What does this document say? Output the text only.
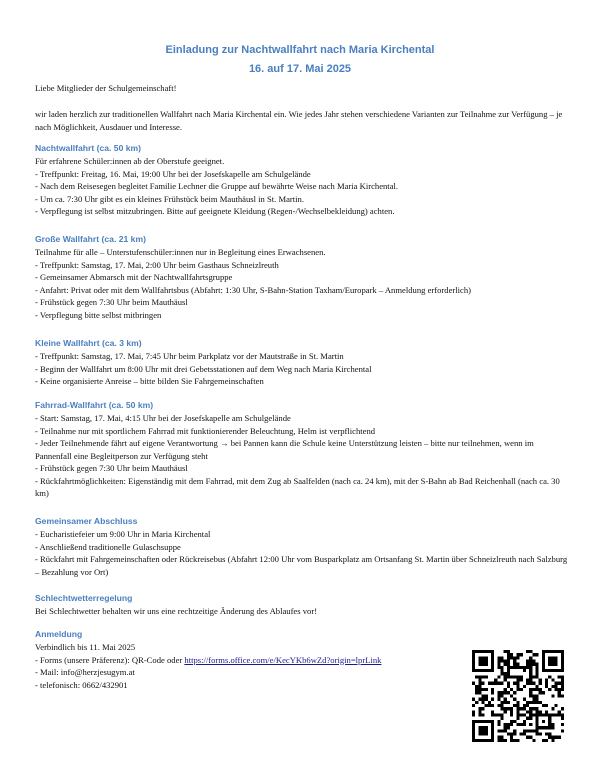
Einladung zur Nachtwallfahrt nach Maria Kirchental
16. auf 17. Mai 2025
Liebe Mitglieder der Schulgemeinschaft!
wir laden herzlich zur traditionellen Wallfahrt nach Maria Kirchental ein. Wie jedes Jahr stehen verschiedene Varianten zur Teilnahme zur Verfügung – je nach Möglichkeit, Ausdauer und Interesse.
Nachtwallfahrt (ca. 50 km)
Für erfahrene Schüler:innen ab der Oberstufe geeignet.
- Treffpunkt: Freitag, 16. Mai, 19:00 Uhr bei der Josefskapelle am Schulgelände
- Nach dem Reisesegen begleitet Familie Lechner die Gruppe auf bewährte Weise nach Maria Kirchental.
- Um ca. 7:30 Uhr gibt es ein kleines Frühstück beim Mauthäusl in St. Martin.
- Verpflegung ist selbst mitzubringen. Bitte auf geeignete Kleidung (Regen-/Wechselbekleidung) achten.
Große Wallfahrt (ca. 21 km)
Teilnahme für alle – Unterstufenschüler:innen nur in Begleitung eines Erwachsenen.
- Treffpunkt: Samstag, 17. Mai, 2:00 Uhr beim Gasthaus Schneizlreuth
- Gemeinsamer Abmarsch mit der Nachtwallfahrtsgruppe
- Anfahrt: Privat oder mit dem Wallfahrtsbus (Abfahrt: 1:30 Uhr, S-Bahn-Station Taxham/Europark – Anmeldung erforderlich)
- Frühstück gegen 7:30 Uhr beim Mauthäusl
- Verpflegung bitte selbst mitbringen
Kleine Wallfahrt (ca. 3 km)
- Treffpunkt: Samstag, 17. Mai, 7:45 Uhr beim Parkplatz vor der Mautstraße in St. Martin
- Beginn der Wallfahrt um 8:00 Uhr mit drei Gebetsstationen auf dem Weg nach Maria Kirchental
- Keine organisierte Anreise – bitte bilden Sie Fahrgemeinschaften
Fahrrad-Wallfahrt (ca. 50 km)
- Start: Samstag, 17. Mai, 4:15 Uhr bei der Josefskapelle am Schulgelände
- Teilnahme nur mit sportlichem Fahrrad mit funktionierender Beleuchtung, Helm ist verpflichtend
- Jeder Teilnehmende fährt auf eigene Verantwortung → bei Pannen kann die Schule keine Unterstützung leisten – bitte nur teilnehmen, wenn im Pannenfall eine Begleitperson zur Verfügung steht
- Frühstück gegen 7:30 Uhr beim Mauthäusl
- Rückfahrtmöglichkeiten: Eigenständig mit dem Fahrrad, mit dem Zug ab Saalfelden (nach ca. 24 km), mit der S-Bahn ab Bad Reichenhall (nach ca. 30 km)
Gemeinsamer Abschluss
- Eucharistiefeier um 9:00 Uhr in Maria Kirchental
- Anschließend traditionelle Gulaschsuppe
- Rückfahrt mit Fahrgemeinschaften oder Rückreisebus (Abfahrt 12:00 Uhr vom Busparkplatz am Ortsanfang St. Martin über Schneizlreuth nach Salzburg – Bezahlung vor Ort)
Schlechtwetterregelung
Bei Schlechtwetter behalten wir uns eine rechtzeitige Änderung des Ablaufes vor!
Anmeldung
Verbindlich bis 11. Mai 2025
- Forms (unsere Präferenz): QR-Code oder https://forms.office.com/e/KecYKb6wZd?origin=lprLink
- Mail: info@herzjesugym.at
- telefonisch: 0662/432901
